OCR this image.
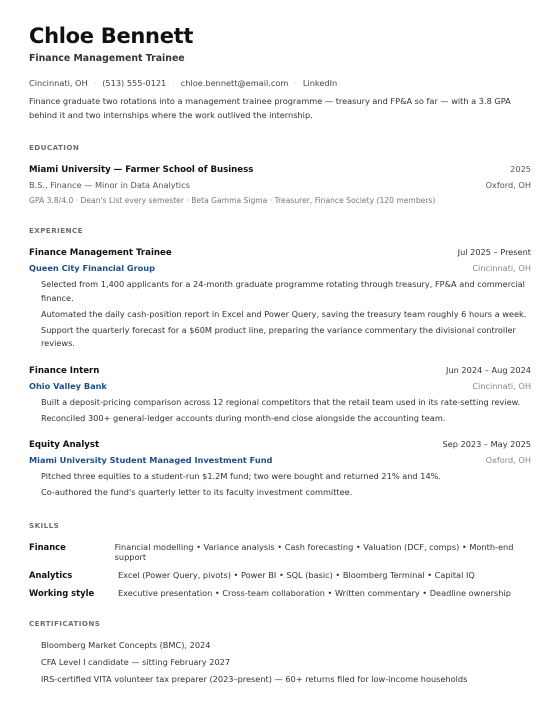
Chloe Bennett
Finance Management Trainee
Cincinnati, OH · (513) 555-0121 · chloe.bennett@email.com · LinkedIn

Finance graduate two rotations into a management trainee programme — treasury and FP&A so far — with a 3.8 GPA behind it and two internships where the work outlived the internship.

EDUCATION
Miami University — Farmer School of Business	2025
B.S., Finance — Minor in Data Analytics	Oxford, OH
GPA 3.8/4.0 · Dean's List every semester · Beta Gamma Sigma · Treasurer, Finance Society (120 members)
EXPERIENCE
Finance Management Trainee	Jul 2025 – Present
Queen City Financial Group	Cincinnati, OH
Selected from 1,400 applicants for a 24-month graduate programme rotating through treasury, FP&A and commercial finance.
Automated the daily cash-position report in Excel and Power Query, saving the treasury team roughly 6 hours a week.
Support the quarterly forecast for a $60M product line, preparing the variance commentary the divisional controller reviews.
Finance Intern	Jun 2024 – Aug 2024
Ohio Valley Bank	Cincinnati, OH
Built a deposit-pricing comparison across 12 regional competitors that the retail team used in its rate-setting review.
Reconciled 300+ general-ledger accounts during month-end close alongside the accounting team.
Equity Analyst	Sep 2023 – May 2025
Miami University Student Managed Investment Fund	Oxford, OH
Pitched three equities to a student-run $1.2M fund; two were bought and returned 21% and 14%.
Co-authored the fund's quarterly letter to its faculty investment committee.
SKILLS
Finance	Financial modelling • Variance analysis • Cash forecasting • Valuation (DCF, comps) • Month-end support
Analytics	Excel (Power Query, pivots) • Power BI • SQL (basic) • Bloomberg Terminal • Capital IQ
Working style	Executive presentation • Cross-team collaboration • Written commentary • Deadline ownership
CERTIFICATIONS
Bloomberg Market Concepts (BMC), 2024
CFA Level I candidate — sitting February 2027
IRS-certified VITA volunteer tax preparer (2023–present) — 60+ returns filed for low-income households
